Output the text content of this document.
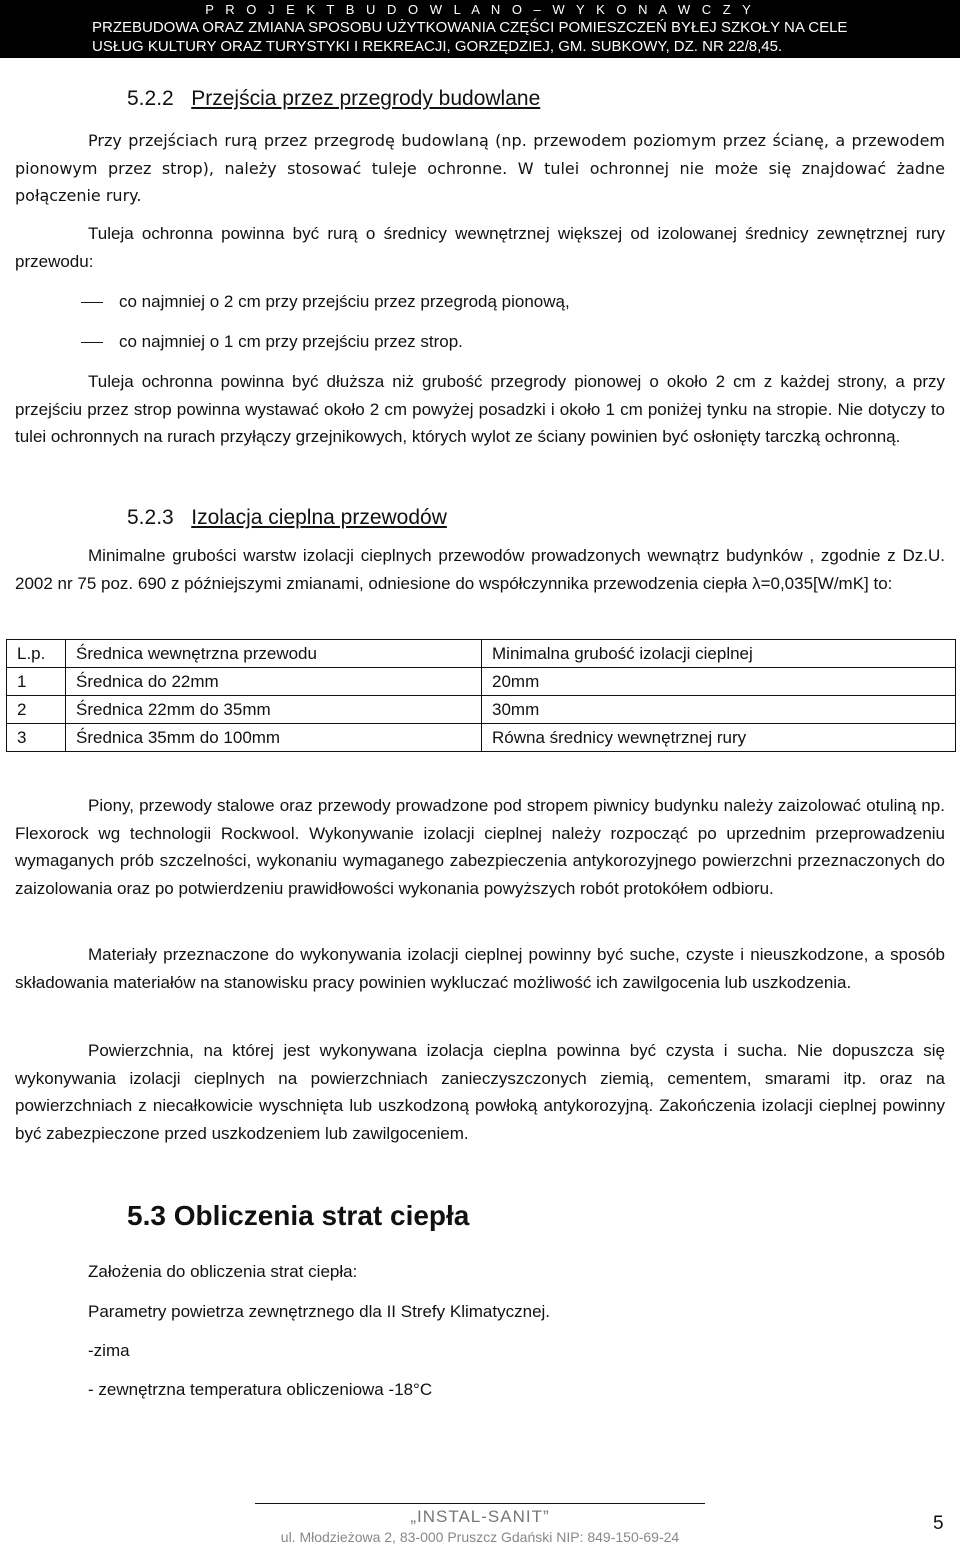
P R O J E K T B U D O W L A N O – W Y K O N A W C Z Y
PRZEBUDOWA ORAZ ZMIANA SPOSOBU UŻYTKOWANIA CZĘŚCI POMIESZCZEŃ BYŁEJ SZKOŁY NA CELE
USŁUG KULTURY ORAZ TURYSTYKI I REKREACJI, GORZĘDZIEJ, GM. SUBKOWY, DZ. NR 22/8,45.
5.2.2 Przejścia przez przegrody budowlane

Przy przejściach rurą przez przegrodę budowlaną (np. przewodem poziomym przez ścianę, a przewodem pionowym przez strop), należy stosować tuleje ochronne. W tulei ochronnej nie może się znajdować żadne połączenie rury.

Tuleja ochronna powinna być rurą o średnicy wewnętrznej większej od izolowanej średnicy zewnętrznej rury przewodu:

co najmniej o 2 cm przy przejściu przez przegrodą pionową,
co najmniej o 1 cm przy przejściu przez strop.

Tuleja ochronna powinna być dłuższa niż grubość przegrody pionowej o około 2 cm z każdej strony, a przy przejściu przez strop powinna wystawać około 2 cm powyżej posadzki i około 1 cm poniżej tynku na stropie. Nie dotyczy to tulei ochronnych na rurach przyłączy grzejnikowych, których wylot ze ściany powinien być osłonięty tarczką ochronną.

5.2.3 Izolacja cieplna przewodów

Minimalne grubości warstw izolacji cieplnych przewodów prowadzonych wewnątrz budynków , zgodnie z Dz.U. 2002 nr 75 poz. 690 z późniejszymi zmianami, odniesione do współczynnika przewodzenia ciepła λ=0,035[W/mK] to:

L.p.	Średnica wewnętrzna przewodu	Minimalna grubość izolacji cieplnej
1	Średnica do 22mm	20mm
2	Średnica 22mm do 35mm	30mm
3	Średnica 35mm do 100mm	Równa średnicy wewnętrznej rury

Piony, przewody stalowe oraz przewody prowadzone pod stropem piwnicy budynku należy zaizolować otuliną np. Flexorock wg technologii Rockwool. Wykonywanie izolacji cieplnej należy rozpocząć po uprzednim przeprowadzeniu wymaganych prób szczelności, wykonaniu wymaganego zabezpieczenia antykorozyjnego powierzchni przeznaczonych do zaizolowania oraz po potwierdzeniu prawidłowości wykonania powyższych robót protokółem odbioru.

Materiały przeznaczone do wykonywania izolacji cieplnej powinny być suche, czyste i nieuszkodzone, a sposób składowania materiałów na stanowisku pracy powinien wykluczać możliwość ich zawilgocenia lub uszkodzenia.

Powierzchnia, na której jest wykonywana izolacja cieplna powinna być czysta i sucha. Nie dopuszcza się wykonywania izolacji cieplnych na powierzchniach zanieczyszczonych ziemią, cementem, smarami itp. oraz na powierzchniach z niecałkowicie wyschnięta lub uszkodzoną powłoką antykorozyjną. Zakończenia izolacji cieplnej powinny być zabezpieczone przed uszkodzeniem lub zawilgoceniem.

5.3 Obliczenia strat ciepła
Założenia do obliczenia strat ciepła:
Parametry powietrza zewnętrznego dla II Strefy Klimatycznej.
-zima
- zewnętrzna temperatura obliczeniowa -18°C
„INSTAL-SANIT”
ul. Młodzieżowa 2, 83-000 Pruszcz Gdański NIP: 849-150-69-24
5
